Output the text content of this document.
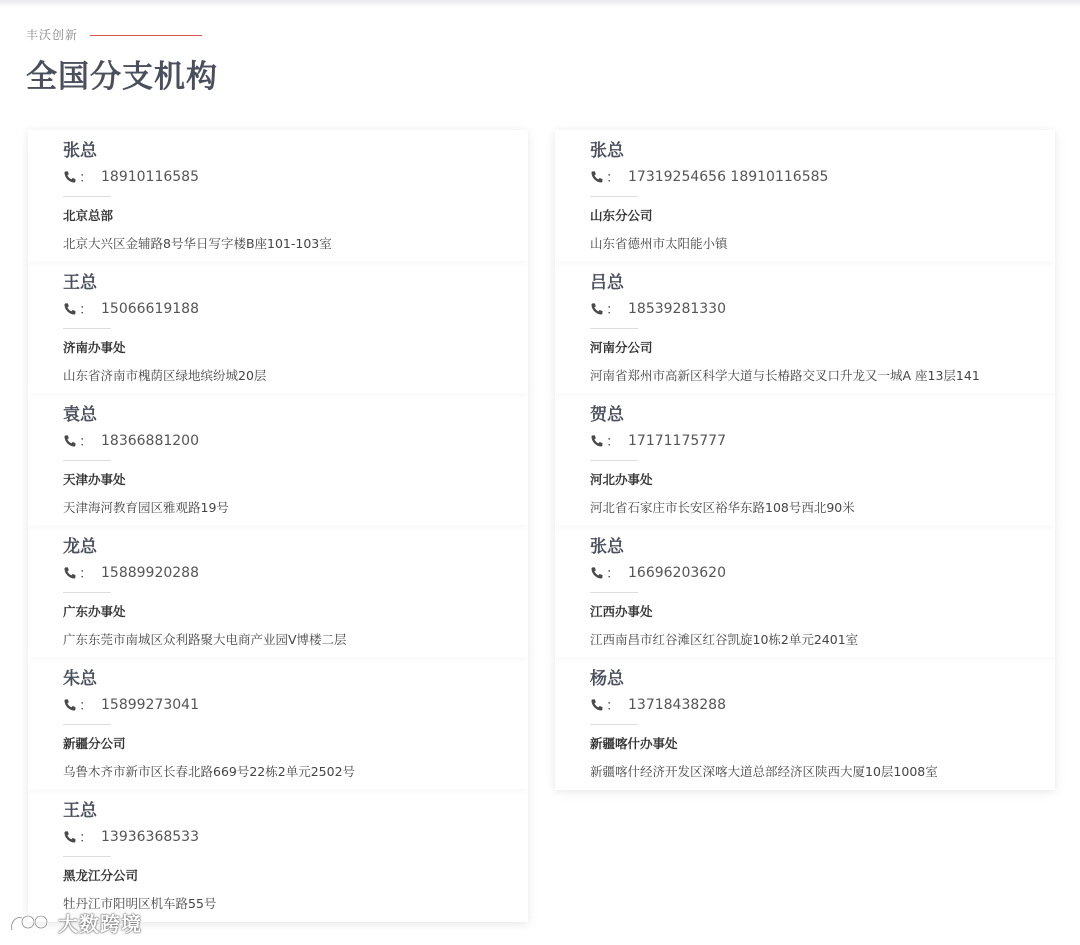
丰沃创新
全国分支机构
张总
： 18910116585
北京总部
北京大兴区金辅路8号华日写字楼B座101-103室
王总
： 15066619188
济南办事处
山东省济南市槐荫区绿地缤纷城20层
袁总
： 18366881200
天津办事处
天津海河教育园区雅观路19号
龙总
： 15889920288
广东办事处
广东东莞市南城区众利路聚大电商产业园V博楼二层
朱总
： 15899273041
新疆分公司
乌鲁木齐市新市区长春北路669号22栋2单元2502号
王总
： 13936368533
黑龙江分公司
牡丹江市阳明区机车路55号
张总
： 17319254656 18910116585
山东分公司
山东省德州市太阳能小镇
吕总
： 18539281330
河南分公司
河南省郑州市高新区科学大道与长椿路交叉口升龙又一城A 座13层141
贺总
： 17171175777
河北办事处
河北省石家庄市长安区裕华东路108号西北90米
张总
： 16696203620
江西办事处
江西南昌市红谷滩区红谷凯旋10栋2单元2401室
杨总
： 13718438288
新疆喀什办事处
新疆喀什经济开发区深喀大道总部经济区陕西大厦10层1008室
大数跨境
